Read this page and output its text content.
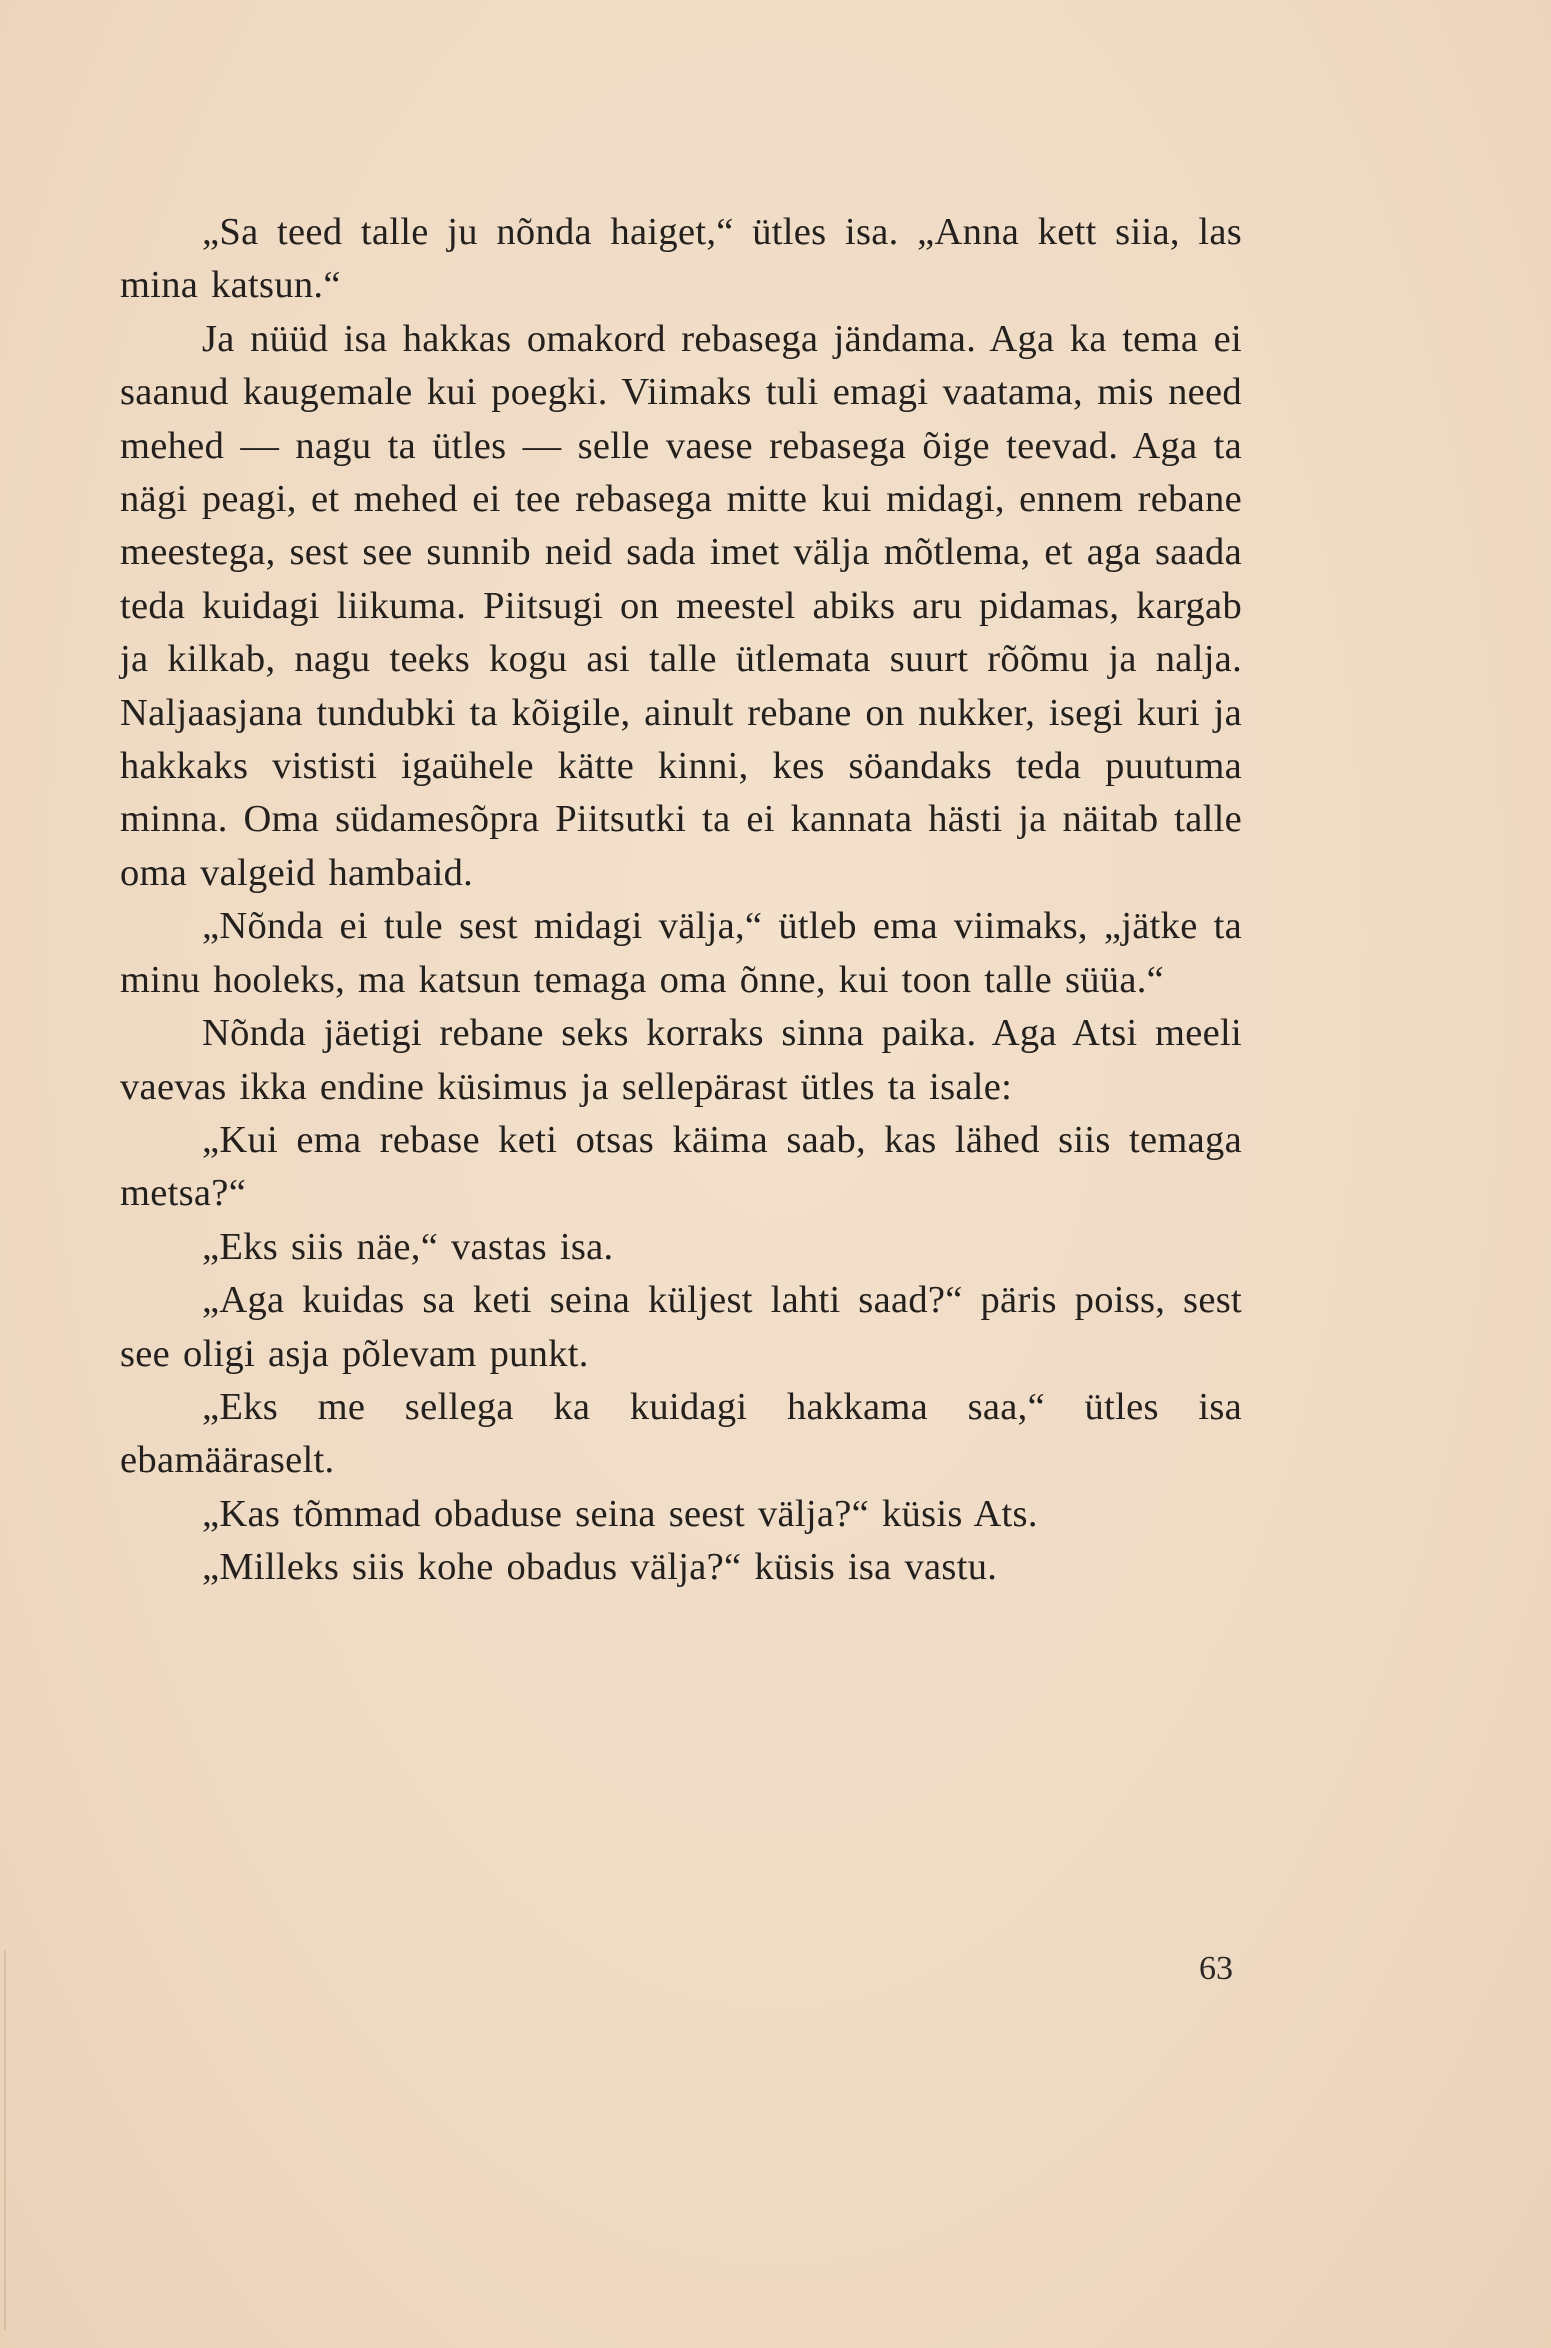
„Sa teed talle ju nõnda haiget,“ ütles isa. „Anna kett siia, las mina katsun.“

Ja nüüd isa hakkas omakord rebasega jändama. Aga ka tema ei saanud kaugemale kui poegki. Viimaks tuli emagi vaatama, mis need mehed — nagu ta ütles — selle vaese rebasega õige teevad. Aga ta nägi peagi, et mehed ei tee rebasega mitte kui midagi, ennem rebane meestega, sest see sunnib neid sada imet välja mõtlema, et aga saada teda kuidagi liikuma. Piitsugi on meestel abiks aru pidamas, kargab ja kilkab, nagu teeks kogu asi talle ütlemata suurt rõõmu ja nalja. Naljaasjana tundubki ta kõigile, ainult rebane on nukker, isegi kuri ja hakkaks vististi igaühele kätte kinni, kes söandaks teda puutuma minna. Oma südamesõpra Piitsutki ta ei kannata hästi ja näitab talle oma valgeid hambaid.

„Nõnda ei tule sest midagi välja,“ ütleb ema viimaks, „jätke ta minu hooleks, ma katsun temaga oma õnne, kui toon talle süüa.“

Nõnda jäetigi rebane seks korraks sinna paika. Aga Atsi meeli vaevas ikka endine küsimus ja sellepärast ütles ta isale:

„Kui ema rebase keti otsas käima saab, kas lähed siis temaga metsa?“

„Eks siis näe,“ vastas isa.

„Aga kuidas sa keti seina küljest lahti saad?“ päris poiss, sest see oligi asja põlevam punkt.

„Eks me sellega ka kuidagi hakkama saa,“ ütles isa ebamääraselt.

„Kas tõmmad obaduse seina seest välja?“ küsis Ats.

„Milleks siis kohe obadus välja?“ küsis isa vastu.

63
